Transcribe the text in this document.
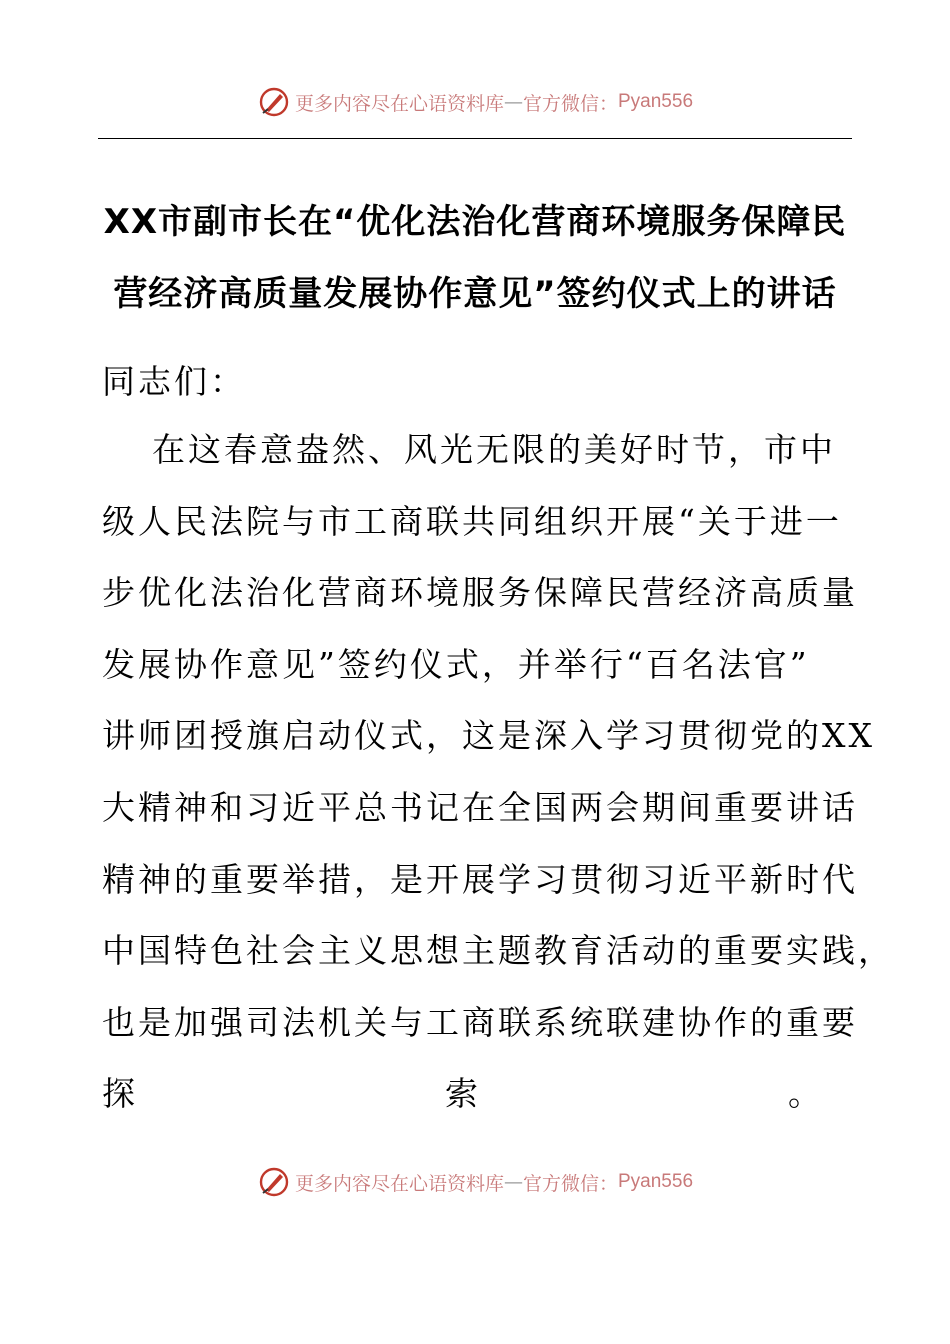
更多内容尽在心语资料库 — 官方微信： Pyan556
XX市副市长在“优化法治化营商环境服务保障民
营经济高质量发展协作意见”签约仪式上的讲话
同志们：
在这春意盎然、风光无限的美好时节，市中
级人民法院与市工商联共同组织开展“关于进一
步优化法治化营商环境服务保障民营经济高质量
发展协作意见”签约仪式，并举行“百名法官”
讲师团授旗启动仪式，这是深入学习贯彻党的XX
大精神和习近平总书记在全国两会期间重要讲话
精神的重要举措，是开展学习贯彻习近平新时代
中国特色社会主义思想主题教育活动的重要实践，
也是加强司法机关与工商联系统联建协作的重要
探	索	。
更多内容尽在心语资料库 — 官方微信： Pyan556
